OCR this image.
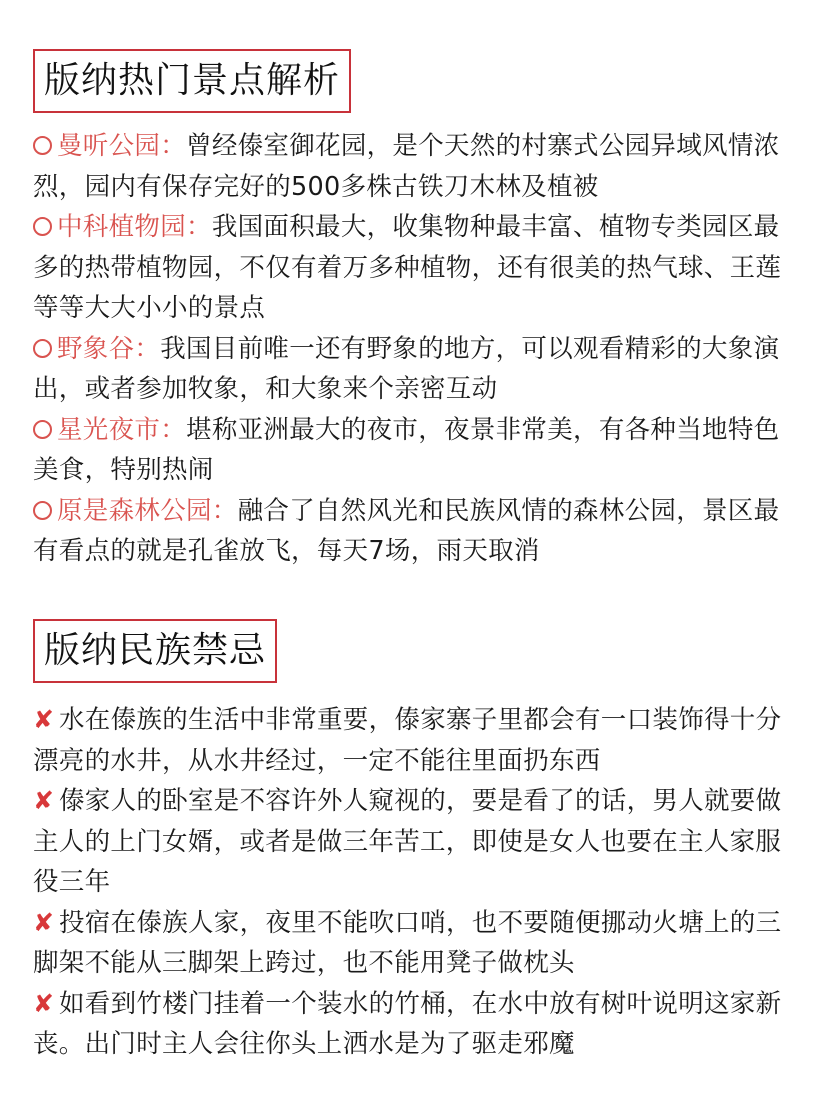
版纳热门景点解析

曼听公园：曾经傣室御花园，是个天然的村寨式公园异域风情浓烈，园内有保存完好的500多株古铁刀木林及植被

中科植物园：我国面积最大，收集物种最丰富、植物专类园区最多的热带植物园，不仅有着万多种植物，还有很美的热气球、王莲等等大大小小的景点

野象谷：我国目前唯一还有野象的地方，可以观看精彩的大象演出，或者参加牧象，和大象来个亲密互动

星光夜市：堪称亚洲最大的夜市，夜景非常美，有各种当地特色美食，特别热闹

原是森林公园：融合了自然风光和民族风情的森林公园，景区最有看点的就是孔雀放飞，每天7场，雨天取消

版纳民族禁忌

✘ 水在傣族的生活中非常重要，傣家寨子里都会有一口装饰得十分漂亮的水井，从水井经过，一定不能往里面扔东西

✘ 傣家人的卧室是不容许外人窥视的，要是看了的话，男人就要做主人的上门女婿，或者是做三年苦工，即使是女人也要在主人家服役三年

✘ 投宿在傣族人家，夜里不能吹口哨，也不要随便挪动火塘上的三脚架不能从三脚架上跨过，也不能用凳子做枕头

✘ 如看到竹楼门挂着一个装水的竹桶，在水中放有树叶说明这家新丧。出门时主人会往你头上洒水是为了驱走邪魔
